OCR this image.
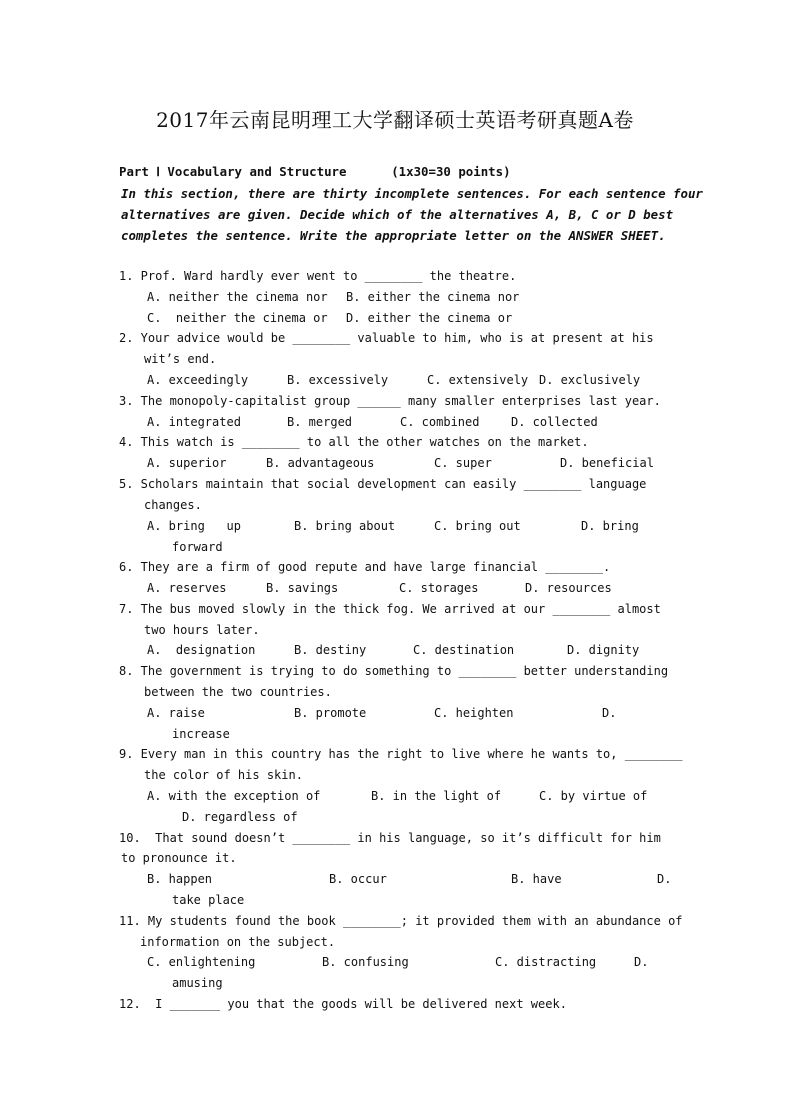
2017年云南昆明理工大学翻译硕士英语考研真题A卷
Part Ⅰ Vocabulary and Structure      (1x30=30 points)
In this section, there are thirty incomplete sentences. For each sentence four
alternatives are given. Decide which of the alternatives A, B, C or D best
completes the sentence. Write the appropriate letter on the ANSWER SHEET.
1. Prof. Ward hardly ever went to ________ the theatre.
A. neither the cinema nor B. either the cinema nor
C.  neither the cinema or D. either the cinema or
2. Your advice would be ________ valuable to him, who is at present at his
wit’s end.
A. exceedingly	B. excessively	C. extensively D. exclusively
3. The monopoly-capitalist group ______ many smaller enterprises last year.
A. integrated	B. merged	C. combined	D. collected
4. This watch is ________ to all the other watches on the market.
A. superior	B. advantageous	C. super	D. beneficial
5. Scholars maintain that social development can easily ________ language
changes.
A. bring   up	B. bring about	C. bring out	D. bring
forward
6. They are a firm of good repute and have large financial ________.
A. reserves	B. savings	C. storages	D. resources
7. The bus moved slowly in the thick fog. We arrived at our ________ almost
two hours later.
A.  designation	B. destiny	C. destination	D. dignity
8. The government is trying to do something to ________ better understanding
between the two countries.
A. raise	B. promote	C. heighten	D.
increase
9. Every man in this country has the right to live where he wants to, ________
the color of his skin.
A. with the exception of	B. in the light of	C. by virtue of
D. regardless of
10.  That sound doesn’t ________ in his language, so it’s difficult for him
to pronounce it.
B. happen	B. occur	B. have	D.
take place
11. My students found the book ________; it provided them with an abundance of
information on the subject.
C. enlightening	B. confusing	C. distracting	D.
amusing
12.  I _______ you that the goods will be delivered next week.
